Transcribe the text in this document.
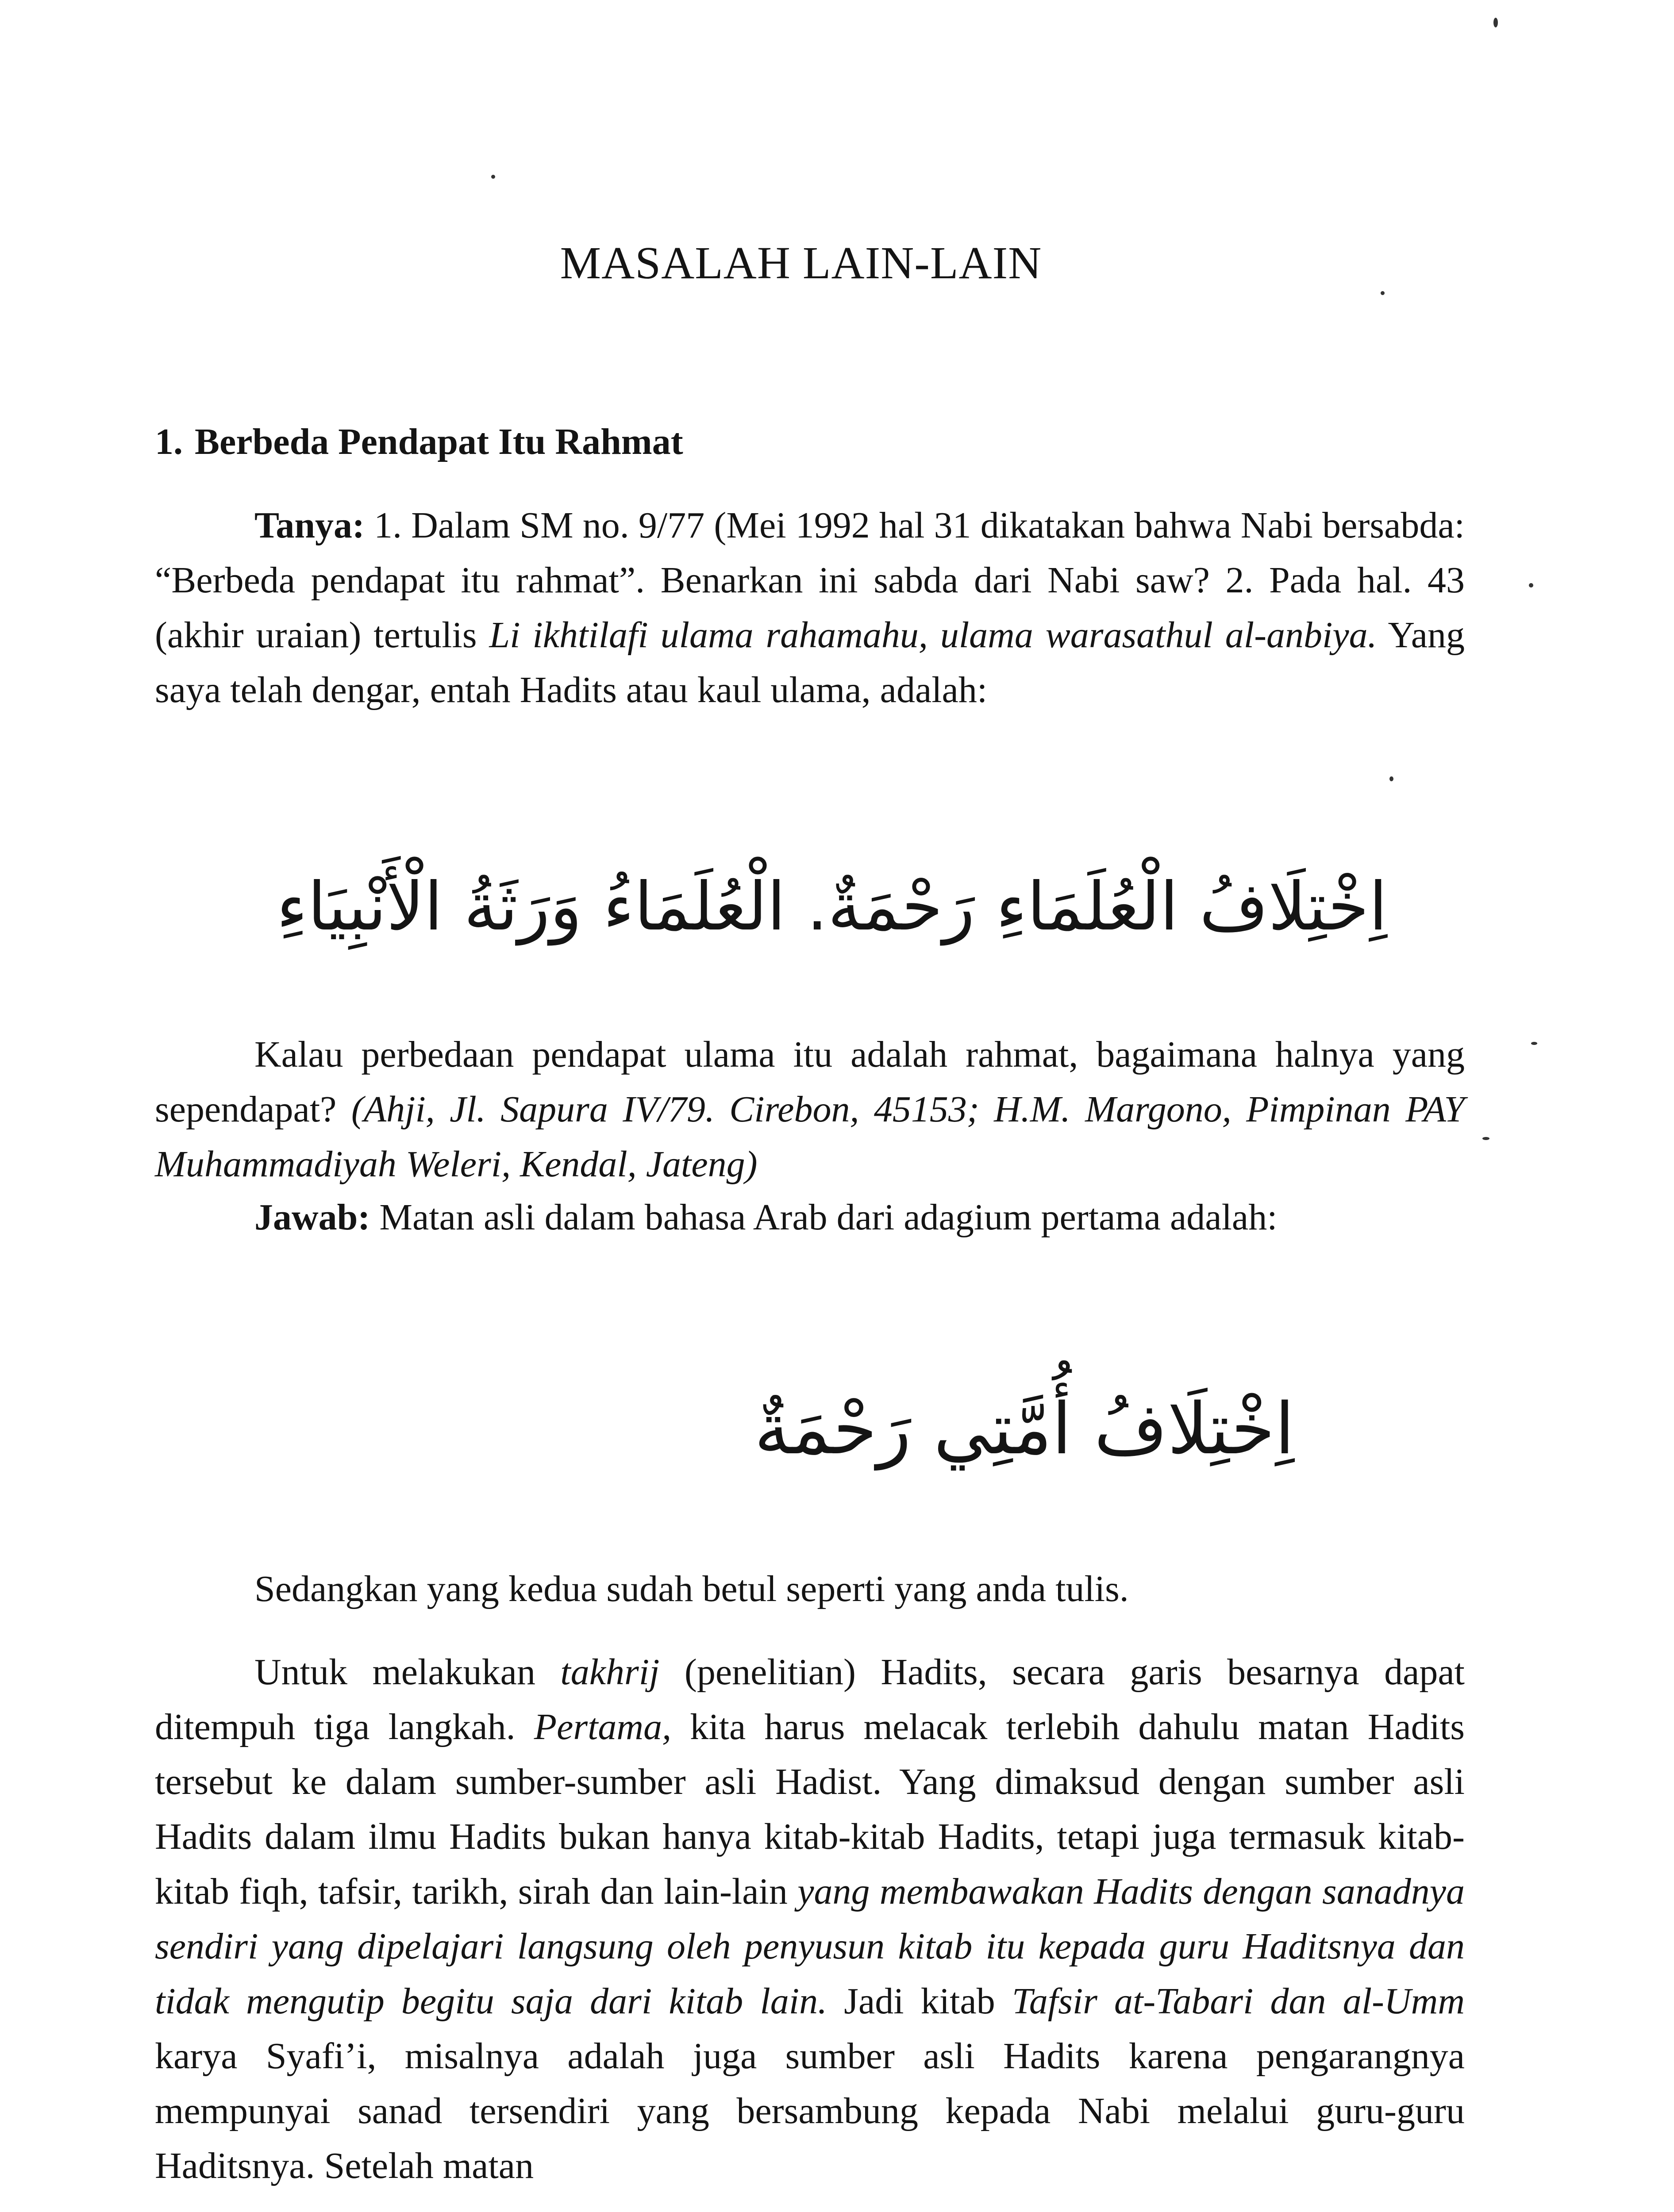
MASALAH LAIN-LAIN
1. Berbeda Pendapat Itu Rahmat

Tanya: 1. Dalam SM no. 9/77 (Mei 1992 hal 31 dikatakan bahwa Nabi bersabda: “Berbeda pendapat itu rahmat”. Benarkan ini sabda dari Nabi saw? 2. Pada hal. 43 (akhir uraian) tertulis Li ikhtilafi ulama rahamahu, ulama warasathul al-anbiya. Yang saya telah dengar, entah Hadits atau kaul ulama, adalah:

اِخْتِلَافُ الْعُلَمَاءِ رَحْمَةٌ. الْعُلَمَاءُ وَرَثَةُ الْأَنْبِيَاءِ

Kalau perbedaan pendapat ulama itu adalah rahmat, bagaimana halnya yang sependapat? (Ahji, Jl. Sapura IV/79. Cirebon, 45153; H.M. Margono, Pimpinan PAY Muhammadiyah Weleri, Kendal, Jateng)

Jawab: Matan asli dalam bahasa Arab dari adagium pertama adalah:

اِخْتِلَافُ أُمَّتِي رَحْمَةٌ

Sedangkan yang kedua sudah betul seperti yang anda tulis.

Untuk melakukan takhrij (penelitian) Hadits, secara garis besarnya dapat ditempuh tiga langkah. Pertama, kita harus melacak terlebih dahulu matan Hadits tersebut ke dalam sumber-sumber asli Hadist. Yang dimaksud dengan sumber asli Hadits dalam ilmu Hadits bukan hanya kitab-kitab Hadits, tetapi juga termasuk kitab-kitab fiqh, tafsir, tarikh, sirah dan lain-lain yang membawakan Hadits dengan sanadnya sendiri yang dipelajari langsung oleh penyusun kitab itu kepada guru Haditsnya dan tidak mengutip begitu saja dari kitab lain. Jadi kitab Tafsir at-Tabari dan al-Umm karya Syafi’i, misalnya adalah juga sumber asli Hadits karena pengarangnya mempunyai sanad tersendiri yang bersambung kepada Nabi melalui guru-guru Haditsnya. Setelah matan
